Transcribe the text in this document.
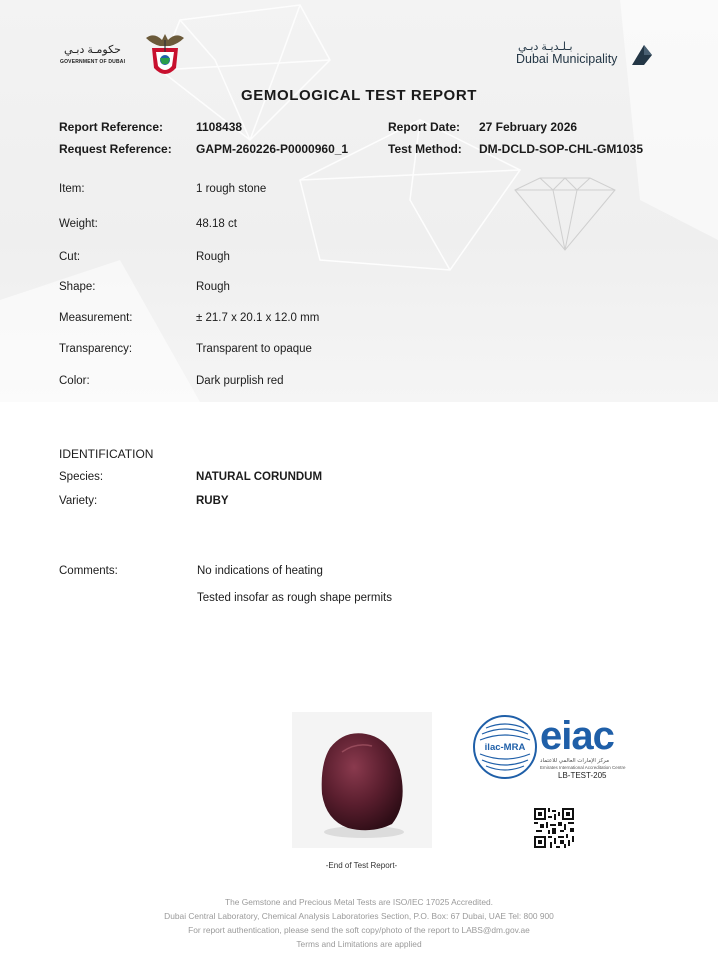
حكومـة دبـي
GOVERNMENT OF DUBAI
بـلـديـة دبـي
Dubai Municipality
GEMOLOGICAL TEST REPORT
Report Reference:	1108438	Report Date: 27 February 2026
Request Reference: GAPM-260226-P0000960_1	Test Method: DM-DCLD-SOP-CHL-GM1035
Item:	1 rough stone
Weight:	48.18 ct
Cut:	Rough
Shape:	Rough
Measurement:	± 21.7 x 20.1 x 12.0 mm
Transparency:	Transparent to opaque
Color:	Dark purplish red
IDENTIFICATION
Species:	NATURAL CORUNDUM
Variety:	RUBY
Comments:	No indications of heating
Tested insofar as rough shape permits
-End of Test Report-
ilac-MRA eiac
مركز الإمارات العالمي للاعتماد
Emirates International Accreditation Centre
LB-TEST-205
The Gemstone and Precious Metal Tests are ISO/IEC 17025 Accredited.
Dubai Central Laboratory, Chemical Analysis Laboratories Section, P.O. Box: 67 Dubai, UAE Tel: 800 900
For report authentication, please send the soft copy/photo of the report to LABS@dm.gov.ae
Terms and Limitations are applied
